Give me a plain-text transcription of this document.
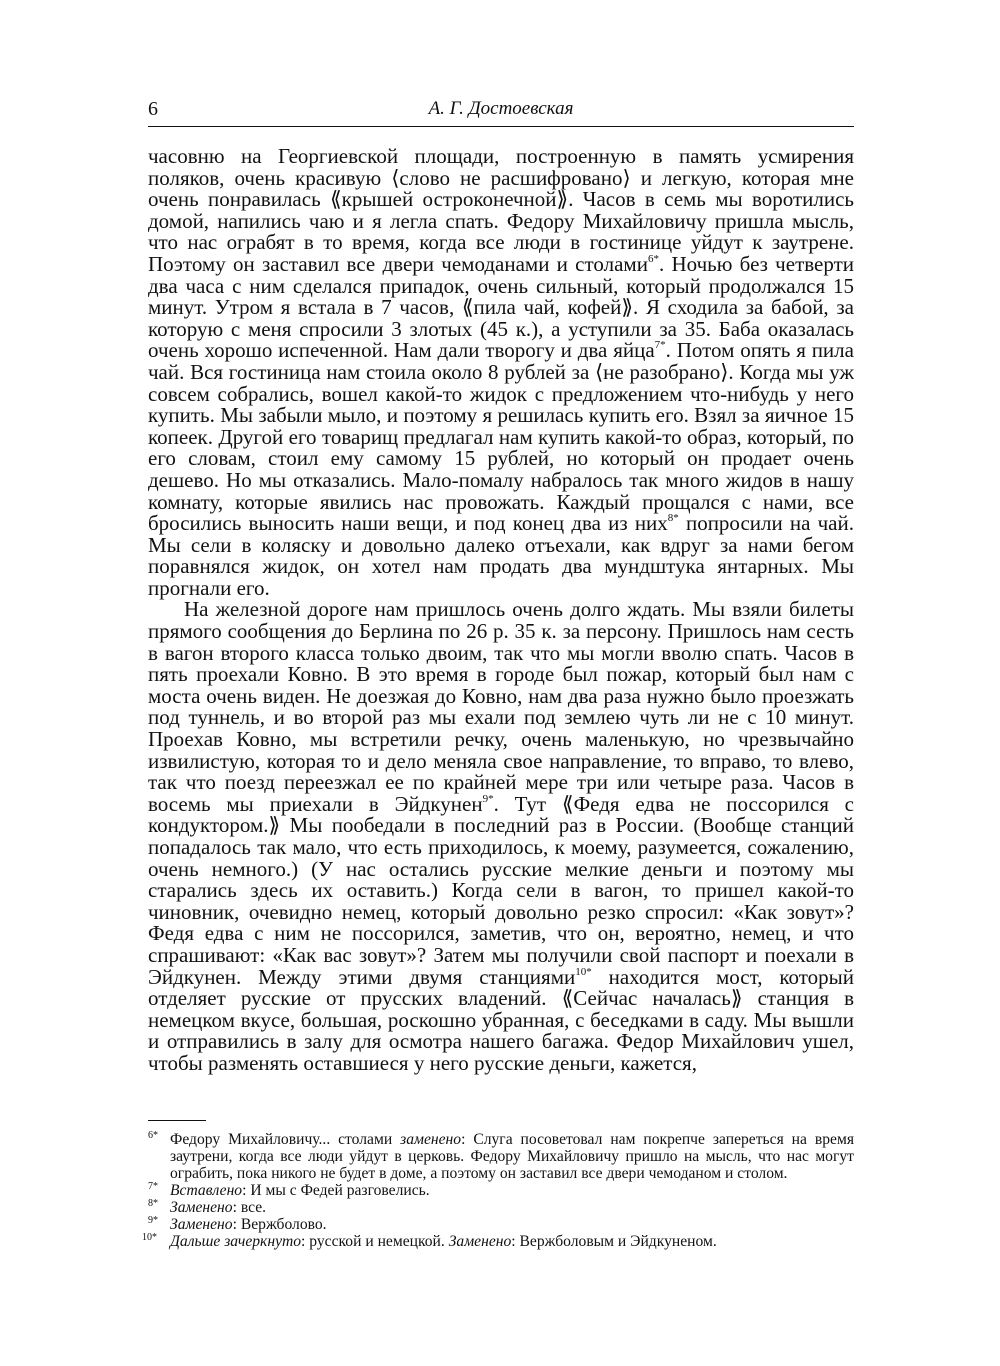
6	А. Г. Достоевская

часовню на Георгиевской площади, построенную в память усмирения поляков, очень красивую ⟨слово не расшифровано⟩ и легкую, которая мне очень понравилась ⟪крышей остроконечной⟫. Часов в семь мы воротились домой, напились чаю и я легла спать. Федору Михайловичу пришла мысль, что нас ограбят в то время, когда все люди в гостинице уйдут к заутрене. Поэтому он заставил все двери чемоданами и столами$^{6*}$. Ночью без четверти два часа с ним сделался припадок, очень сильный, который продолжался 15 минут. Утром я встала в 7 часов, ⟪пила чай, кофей⟫. Я сходила за бабой, за которую с меня спросили 3 злотых (45 к.), а уступили за 35. Баба оказалась очень хорошо испеченной. Нам дали творогу и два яйца$^{7*}$. Потом опять я пила чай. Вся гостиница нам стоила около 8 рублей за ⟨не разобрано⟩. Когда мы уж совсем собрались, вошел какой-то жидок с предложением что-нибудь у него купить. Мы забыли мыло, и поэтому я решилась купить его. Взял за яичное 15 копеек. Другой его товарищ предлагал нам купить какой-то образ, который, по его словам, стоил ему самому 15 рублей, но который он продает очень дешево. Но мы отказались. Мало-помалу набралось так много жидов в нашу комнату, которые явились нас провожать. Каждый прощался с нами, все бросились выносить наши вещи, и под конец два из них$^{8*}$ попросили на чай. Мы сели в коляску и довольно далеко отъехали, как вдруг за нами бегом поравнялся жидок, он хотел нам продать два мундштука янтарных. Мы прогнали его.

На железной дороге нам пришлось очень долго ждать. Мы взяли билеты прямого сообщения до Берлина по 26 р. 35 к. за персону. Пришлось нам сесть в вагон второго класса только двоим, так что мы могли вволю спать. Часов в пять проехали Ковно. В это время в городе был пожар, который был нам с моста очень виден. Не доезжая до Ковно, нам два раза нужно было проезжать под туннель, и во второй раз мы ехали под землею чуть ли не с 10 минут. Проехав Ковно, мы встретили речку, очень маленькую, но чрезвычайно извилистую, которая то и дело меняла свое направление, то вправо, то влево, так что поезд переезжал ее по крайней мере три или четыре раза. Часов в восемь мы приехали в Эйдкунен$^{9*}$. Тут ⟪Федя едва не поссорился с кондуктором.⟫ Мы пообедали в последний раз в России. (Вообще станций попадалось так мало, что есть приходилось, к моему, разумеется, сожалению, очень немного.) (У нас остались русские мелкие деньги и поэтому мы старались здесь их оставить.) Когда сели в вагон, то пришел какой-то чиновник, очевидно немец, который довольно резко спросил: «Как зовут»? Федя едва с ним не поссорился, заметив, что он, вероятно, немец, и что спрашивают: «Как вас зовут»? Затем мы получили свой паспорт и поехали в Эйдкунен. Между этими двумя станциями$^{10*}$ находится мост, который отделяет русские от прусских владений. ⟪Сейчас началась⟫ станция в немецком вкусе, большая, роскошно убранная, с беседками в саду. Мы вышли и отправились в залу для осмотра нашего багажа. Федор Михайлович ушел, чтобы разменять оставшиеся у него русские деньги, кажется,

6* Федору Михайловичу... столами заменено: Слуга посоветовал нам покрепче запереться на время заутрени, когда все люди уйдут в церковь. Федору Михайловичу пришло на мысль, что нас могут ограбить, пока никого не будет в доме, а поэтому он заставил все двери чемоданом и столом.
7* Вставлено: И мы с Федей разговелись.
8* Заменено: все.
9* Заменено: Вержболово.
10* Дальше зачеркнуто: русской и немецкой. Заменено: Вержболовым и Эйдкуненом.
